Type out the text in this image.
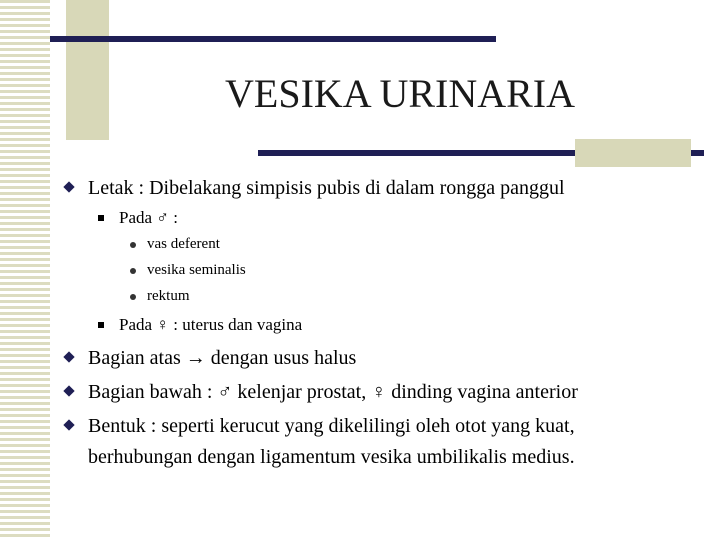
VESIKA URINARIA
Letak : Dibelakang simpisis pubis di dalam rongga panggul
Pada ♂ :
vas deferent
vesika seminalis
rektum
Pada ♀ : uterus dan vagina
Bagian atas → dengan usus halus
Bagian bawah : ♂ kelenjar prostat, ♀ dinding vagina anterior
Bentuk : seperti kerucut yang dikelilingi oleh otot yang kuat,
berhubungan dengan ligamentum vesika umbilikalis medius.
